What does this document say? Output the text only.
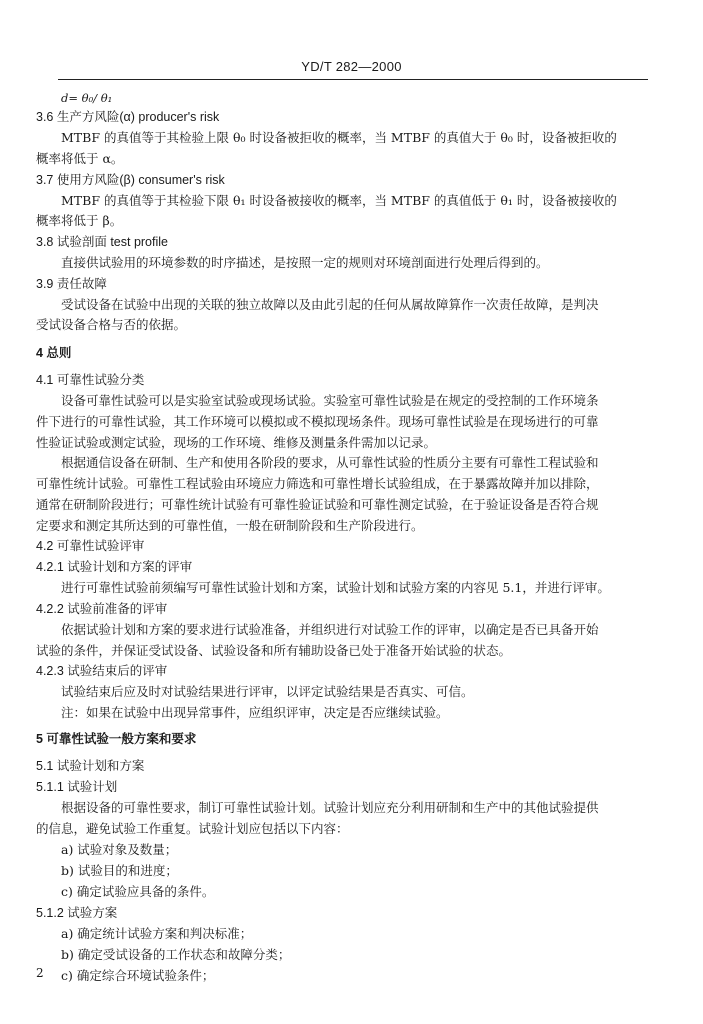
YD/T 282—2000
d= θ₀/ θ₁
3.6 生产方风险(α) producer's risk
MTBF 的真值等于其检验上限 θ₀ 时设备被拒收的概率，当 MTBF 的真值大于 θ₀ 时，设备被拒收的
概率将低于 α。
3.7 使用方风险(β) consumer's risk
MTBF 的真值等于其检验下限 θ₁ 时设备被接收的概率，当 MTBF 的真值低于 θ₁ 时，设备被接收的
概率将低于 β。
3.8 试验剖面 test profile
直接供试验用的环境参数的时序描述，是按照一定的规则对环境剖面进行处理后得到的。
3.9 责任故障
受试设备在试验中出现的关联的独立故障以及由此引起的任何从属故障算作一次责任故障，是判决
受试设备合格与否的依据。
4 总则
4.1 可靠性试验分类
设备可靠性试验可以是实验室试验或现场试验。实验室可靠性试验是在规定的受控制的工作环境条
件下进行的可靠性试验，其工作环境可以模拟或不模拟现场条件。现场可靠性试验是在现场进行的可靠
性验证试验或测定试验，现场的工作环境、维修及测量条件需加以记录。
根据通信设备在研制、生产和使用各阶段的要求，从可靠性试验的性质分主要有可靠性工程试验和
可靠性统计试验。可靠性工程试验由环境应力筛选和可靠性增长试验组成，在于暴露故障并加以排除，
通常在研制阶段进行；可靠性统计试验有可靠性验证试验和可靠性测定试验，在于验证设备是否符合规
定要求和测定其所达到的可靠性值，一般在研制阶段和生产阶段进行。
4.2 可靠性试验评审
4.2.1 试验计划和方案的评审
进行可靠性试验前须编写可靠性试验计划和方案，试验计划和试验方案的内容见 5.1，并进行评审。
4.2.2 试验前准备的评审
依据试验计划和方案的要求进行试验准备，并组织进行对试验工作的评审，以确定是否已具备开始
试验的条件，并保证受试设备、试验设备和所有辅助设备已处于准备开始试验的状态。
4.2.3 试验结束后的评审
试验结束后应及时对试验结果进行评审，以评定试验结果是否真实、可信。
注：如果在试验中出现异常事件，应组织评审，决定是否应继续试验。
5 可靠性试验一般方案和要求
5.1 试验计划和方案
5.1.1 试验计划
根据设备的可靠性要求，制订可靠性试验计划。试验计划应充分利用研制和生产中的其他试验提供
的信息，避免试验工作重复。试验计划应包括以下内容：
a) 试验对象及数量；
b) 试验目的和进度；
c) 确定试验应具备的条件。
5.1.2 试验方案
a) 确定统计试验方案和判决标准；
b) 确定受试设备的工作状态和故障分类；
c) 确定综合环境试验条件；
2
